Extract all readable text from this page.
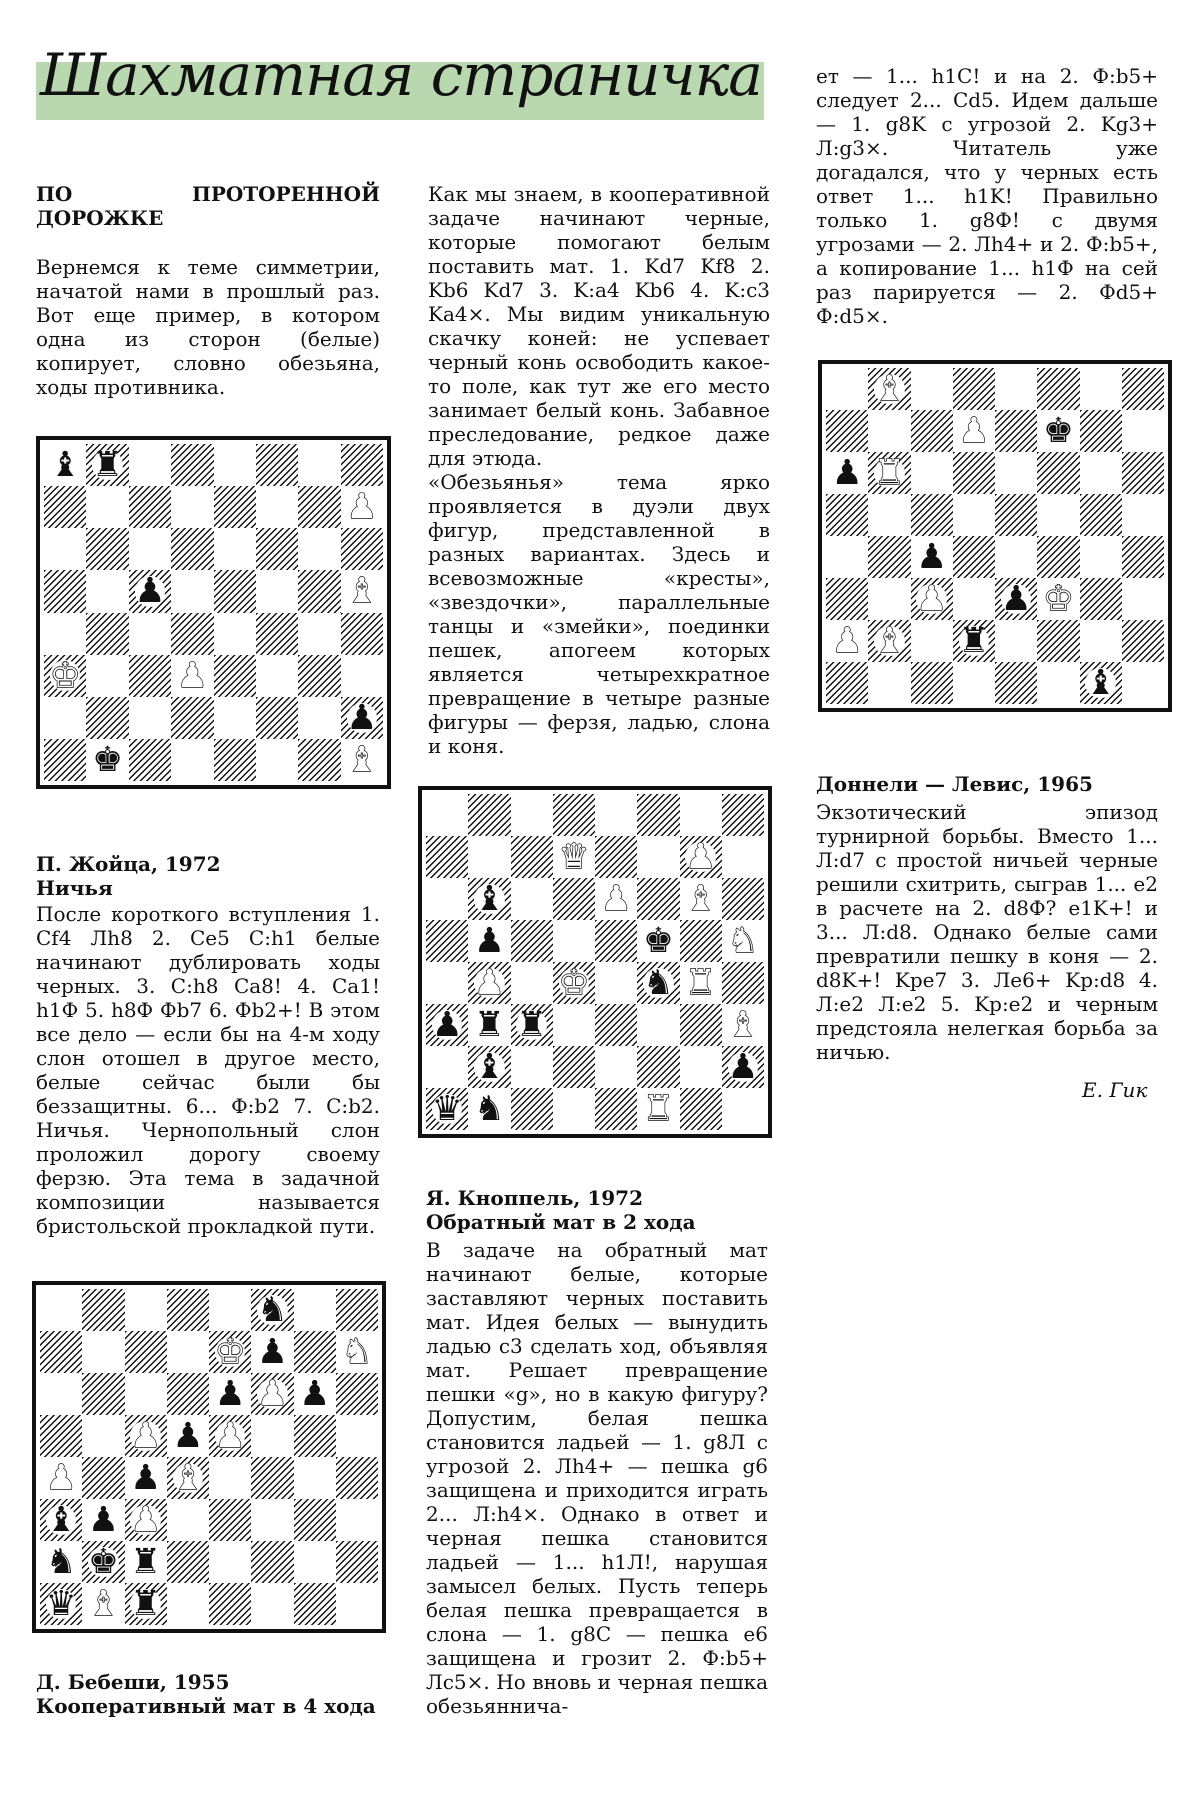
Шахматная страничка

ПО ПРОТОРЕННОЙ ДОРОЖКЕ

Вернемся к теме симметрии, начатой нами в прошлый раз. Вот еще пример, в котором одна из сторон (белые) копирует, словно обезьяна, ходы противника.

♝ ♜
♟
♟	♝
♚	♟
♟
♚	♝
П. Жойца, 1972
Ничья

После короткого вступления 1. Cf4 Лh8 2. Ce5 C:h1 белые начинают дублировать ходы черных. 3. C:h8 Ca8! 4. Ca1! h1Ф 5. h8Ф Фb7 6. Фb2+! В этом все дело — если бы на 4-м ходу слон отошел в другое место, белые сейчас были бы беззащитны. 6... Ф:b2 7. C:b2. Ничья. Чернопольный слон проложил дорогу своему ферзю. Эта тема в задачной композиции называется бристольской прокладкой пути.

♞
♚ ♟ ♞
♟ ♟ ♟
♟ ♟ ♟
♟ ♟ ♝
♝ ♟ ♟
♞ ♚ ♜
♛ ♝ ♜
Д. Бебеши, 1955
Кооперативный мат в 4 хода

Как мы знаем, в кооперативной задаче начинают черные, которые помогают белым поставить мат. 1. Kd7 Kf8 2. Kb6 Kd7 3. K:a4 Kb6 4. K:c3 Ka4×. Мы видим уникальную скачку коней: не успевает черный конь освободить какое-то поле, как тут же его место занимает белый конь. Забавное преследование, редкое даже для этюда.

«Обезьянья» тема ярко проявляется в дуэли двух фигур, представленной в разных вариантах. Здесь и всевозможные «кресты», «звездочки», параллельные танцы и «змейки», поединки пешек, апогеем которых является четырехкратное превращение в четыре разные фигуры — ферзя, ладью, слона и коня.

♛	♟
♝	♟ ♝
♟	♚ ♞
♟ ♚ ♞ ♜
♟ ♜ ♜	♝
♝	♟
♛ ♞	♜
Я. Кноппель, 1972
Обратный мат в 2 хода

В задаче на обратный мат начинают белые, которые заставляют черных поставить мат. Идея белых — вынудить ладью c3 сделать ход, объявляя мат. Решает превращение пешки «g», но в какую фигуру? Допустим, белая пешка становится ладьей — 1. g8Л с угрозой 2. Лh4+ — пешка g6 защищена и приходится играть 2... Л:h4×. Однако в ответ и черная пешка становится ладьей — 1... h1Л!, нарушая замысел белых. Пусть теперь белая пешка превращается в слона — 1. g8C — пешка e6 защищена и грозит 2. Ф:b5+ Лc5×. Но вновь и черная пешка обезьяннича-

ет — 1... h1C! и на 2. Ф:b5+ следует 2... Cd5. Идем дальше — 1. g8K с угрозой 2. Kg3+ Л:g3×. Читатель уже догадался, что у черных есть ответ 1... h1K! Правильно только 1. g8Ф! с двумя угрозами — 2. Лh4+ и 2. Ф:b5+, а копирование 1... h1Ф на сей раз парируется — 2. Фd5+ Ф:d5×.

♝
♟ ♚
♟ ♜
♟
♟ ♟ ♚
♟ ♝ ♜
♝
Доннели — Левис, 1965

Экзотический эпизод турнирной борьбы. Вместо 1... Л:d7 с простой ничьей черные решили схитрить, сыграв 1... e2 в расчете на 2. d8Ф? e1K+! и 3... Л:d8. Однако белые сами превратили пешку в коня — 2. d8K+! Kpe7 3. Лe6+ Kp:d8 4. Л:e2 Л:e2 5. Kp:e2 и черным предстояла нелегкая борьба за ничью.

Е. Гик
